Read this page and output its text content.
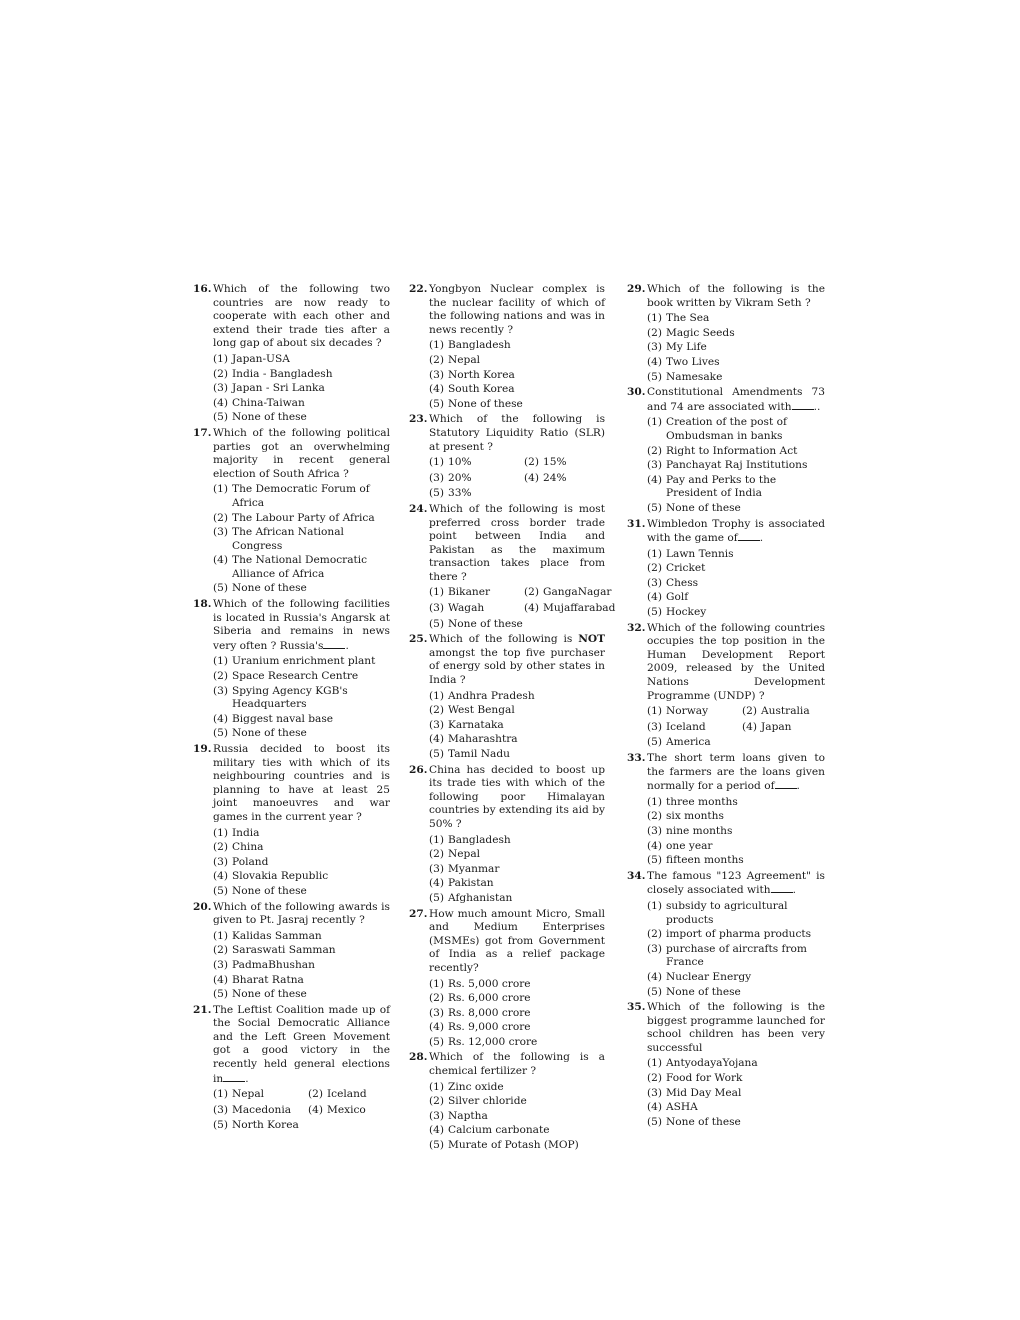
16. Which of the following two countries are now ready to cooperate with each other and extend their trade ties after a long gap of about six decades ?

(1) Japan-USA
(2) India - Bangladesh
(3) Japan - Sri Lanka
(4) China-Taiwan
(5) None of these
17. Which of the following political parties got an overwhelming majority in recent general election of South Africa ?

(1) The Democratic Forum of Africa
(2) The Labour Party of Africa
(3) The African National Congress
(4) The National Democratic Alliance of Africa
(5) None of these
18. Which of the following facilities is located in Russia's Angarsk at Siberia and remains in news very often ? Russia's .

(1) Uranium enrichment plant
(2) Space Research Centre
(3) Spying Agency KGB's Headquarters
(4) Biggest naval base
(5) None of these
19. Russia decided to boost its military ties with which of its neighbouring countries and is planning to have at least 25 joint manoeuvres and war games in the current year ?

(1) India
(2) China
(3) Poland
(4) Slovakia Republic
(5) None of these
20. Which of the following awards is given to Pt. Jasraj recently ?

(1) Kalidas Samman
(2) Saraswati Samman
(3) PadmaBhushan
(4) Bharat Ratna
(5) None of these
21. The Leftist Coalition made up of the Social Democratic Alliance and the Left Green Movement got a good victory in the recently held general elections in .

(1) Nepal	(2) Iceland
(3) Macedonia	(4) Mexico
(5) North Korea
22. Yongbyon Nuclear complex is the nuclear facility of which of the following nations and was in news recently ?

(1) Bangladesh
(2) Nepal
(3) North Korea
(4) South Korea
(5) None of these
23. Which of the following is Statutory Liquidity Ratio (SLR) at present ?

(1) 10%	(2) 15%
(3) 20%	(4) 24%
(5) 33%
24. Which of the following is most preferred cross border trade point between India and Pakistan as the maximum transaction takes place from there ?

(1) Bikaner	(2) GangaNagar
(3) Wagah	(4) Mujaffarabad
(5) None of these
25. Which of the following is NOT amongst the top five purchaser of energy sold by other states in India ?

(1) Andhra Pradesh
(2) West Bengal
(3) Karnataka
(4) Maharashtra
(5) Tamil Nadu
26. China has decided to boost up its trade ties with which of the following poor Himalayan countries by extending its aid by 50% ?

(1) Bangladesh
(2) Nepal
(3) Myanmar
(4) Pakistan
(5) Afghanistan
27. How much amount Micro, Small and Medium Enterprises (MSMEs) got from Government of India as a relief package recently?

(1) Rs. 5,000 crore
(2) Rs. 6,000 crore
(3) Rs. 8,000 crore
(4) Rs. 9,000 crore
(5) Rs. 12,000 crore
28. Which of the following is a chemical fertilizer ?

(1) Zinc oxide
(2) Silver chloride
(3) Naptha
(4) Calcium carbonate
(5) Murate of Potash (MOP)
29. Which of the following is the book written by Vikram Seth ?

(1) The Sea
(2) Magic Seeds
(3) My Life
(4) Two Lives
(5) Namesake
30. Constitutional Amendments 73 and 74 are associated with ..

(1) Creation of the post of Ombudsman in banks
(2) Right to Information Act
(3) Panchayat Raj Institutions
(4) Pay and Perks to the President of India
(5) None of these
31. Wimbledon Trophy is associated with the game of .

(1) Lawn Tennis
(2) Cricket
(3) Chess
(4) Golf
(5) Hockey
32. Which of the following countries occupies the top position in the Human Development Report 2009, released by the United Nations Development Programme (UNDP) ?

(1) Norway	(2) Australia
(3) Iceland	(4) Japan
(5) America
33. The short term loans given to the farmers are the loans given normally for a period of .

(1) three months
(2) six months
(3) nine months
(4) one year
(5) fifteen months
34. The famous "123 Agreement" is closely associated with .

(1) subsidy to agricultural products
(2) import of pharma products
(3) purchase of aircrafts from France
(4) Nuclear Energy
(5) None of these
35. Which of the following is the biggest programme launched for school children has been very successful

(1) AntyodayaYojana
(2) Food for Work
(3) Mid Day Meal
(4) ASHA
(5) None of these
